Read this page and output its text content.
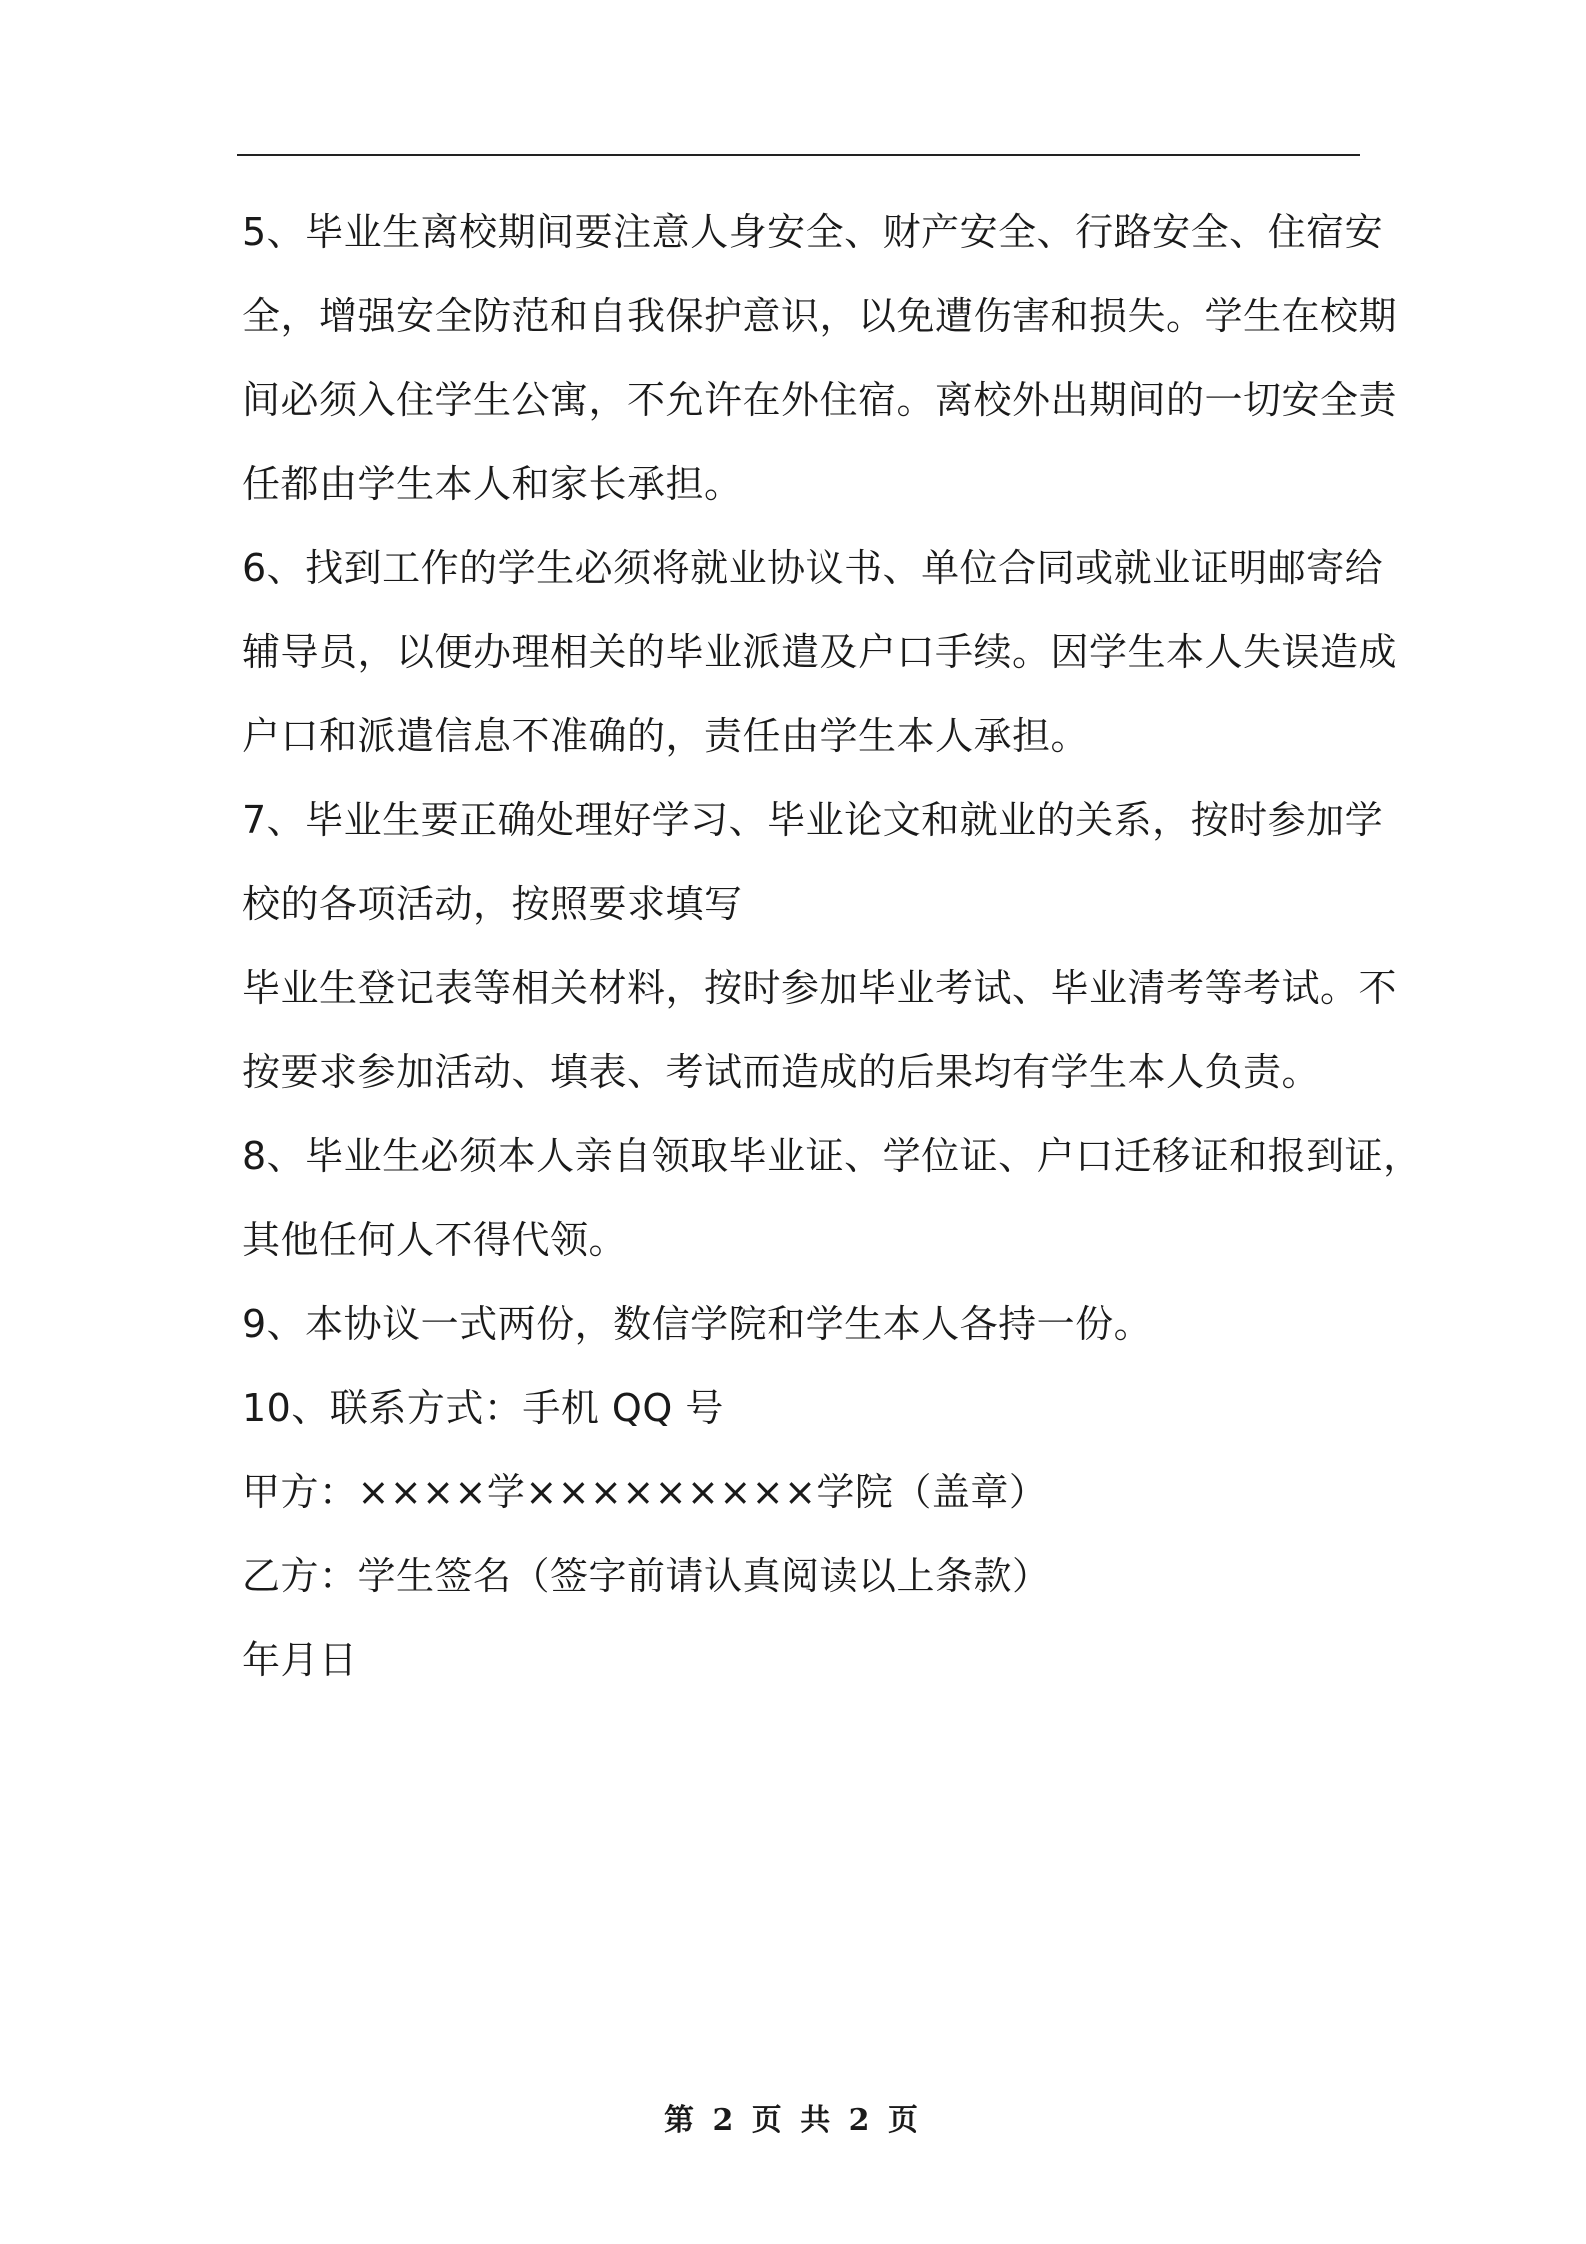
5、毕业生离校期间要注意人身安全、财产安全、行路安全、住宿安
全，增强安全防范和自我保护意识，以免遭伤害和损失。学生在校期
间必须入住学生公寓，不允许在外住宿。离校外出期间的一切安全责
任都由学生本人和家长承担。
6、找到工作的学生必须将就业协议书、单位合同或就业证明邮寄给
辅导员，以便办理相关的毕业派遣及户口手续。因学生本人失误造成
户口和派遣信息不准确的，责任由学生本人承担。
7、毕业生要正确处理好学习、毕业论文和就业的关系，按时参加学
校的各项活动，按照要求填写
毕业生登记表等相关材料，按时参加毕业考试、毕业清考等考试。不
按要求参加活动、填表、考试而造成的后果均有学生本人负责。
8、毕业生必须本人亲自领取毕业证、学位证、户口迁移证和报到证，
其他任何人不得代领。
9、本协议一式两份，数信学院和学生本人各持一份。
10、联系方式：手机 QQ 号
甲方：××××学×××××××××学院（盖章）
乙方：学生签名（签字前请认真阅读以上条款）
年月日
第 2 页 共 2 页
